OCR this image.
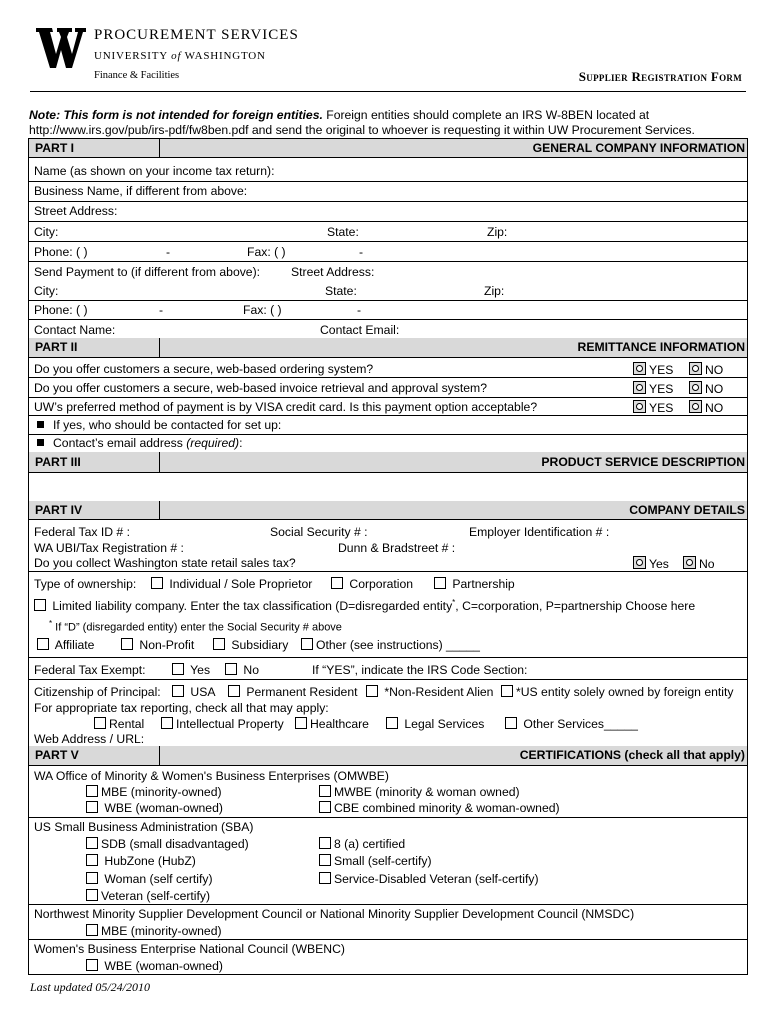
PROCUREMENT SERVICES
UNIVERSITY of WASHINGTON
Finance & Facilities	Supplier Registration Form
Note: This form is not intended for foreign entities. Foreign entities should complete an IRS W-8BEN located at
http://www.irs.gov/pub/irs-pdf/fw8ben.pdf and send the original to whoever is requesting it within UW Procurement Services.
PART I	GENERAL COMPANY INFORMATION
Name (as shown on your income tax return):
Business Name, if different from above:
Street Address:
City:	State:	Zip:
Phone: ( )	-	Fax: ( )	-
Send Payment to (if different from above):	Street Address:
City:	State:	Zip:
Phone: ( )	-	Fax: ( )	-
Contact Name:	Contact Email:
PART II	REMITTANCE INFORMATION
Do you offer customers a secure, web-based ordering system?	YES	NO
Do you offer customers a secure, web-based invoice retrieval and approval system?	YES	NO
UW’s preferred method of payment is by VISA credit card. Is this payment option acceptable?	YES	NO
If yes, who should be contacted for set up:
Contact’s email address (required):
PART III	PRODUCT SERVICE DESCRIPTION
PART IV	COMPANY DETAILS
Federal Tax ID # :	Social Security # :	Employer Identification # :
WA UBI/Tax Registration # :	Dunn & Bradstreet # :
Do you collect Washington state retail sales tax?	Yes	No
Type of ownership:	Individual / Sole Proprietor	Corporation	Partnership
Limited liability company. Enter the tax classification (D=disregarded entity*, C=corporation, P=partnership Choose here
* If “D” (disregarded entity) enter the Social Security # above
Affiliate	Non-Profit	Subsidiary	Other (see instructions) _____
Federal Tax Exempt:	Yes	No	If “YES”, indicate the IRS Code Section:
Citizenship of Principal:	USA	Permanent Resident	*Non-Resident Alien	*US entity solely owned by foreign entity
For appropriate tax reporting, check all that may apply:
Rental	Intellectual Property	Healthcare	Legal Services	Other Services_____
Web Address / URL:
PART V	CERTIFICATIONS (check all that apply)
WA Office of Minority & Women's Business Enterprises (OMWBE)
MBE (minority-owned)	MWBE (minority & woman owned)
WBE (woman-owned)	CBE combined minority & woman-owned)
US Small Business Administration (SBA)
SDB (small disadvantaged)	8 (a) certified
HubZone (HubZ)	Small (self-certify)
Woman (self certify)	Service-Disabled Veteran (self-certify)
Veteran (self-certify)
Northwest Minority Supplier Development Council or National Minority Supplier Development Council (NMSDC)
MBE (minority-owned)
Women's Business Enterprise National Council (WBENC)
WBE (woman-owned)
Last updated 05/24/2010
